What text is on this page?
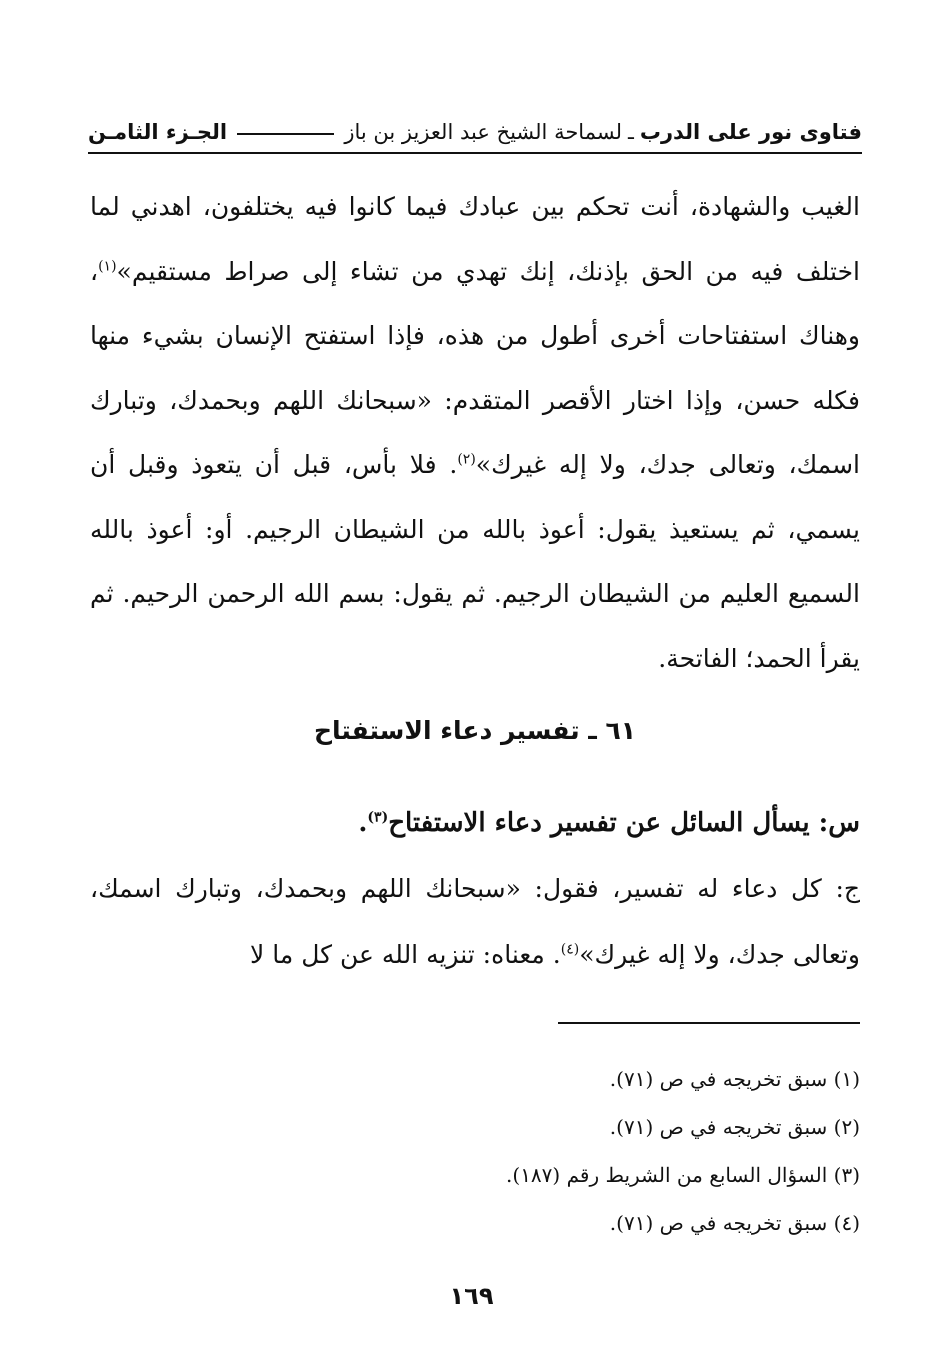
فتاوى نور على الدرب
ـ
لسماحة الشيخ عبد العزيز بن باز
الجـزء الثامـن

الغيب والشهادة، أنت تحكم بين عبادك فيما كانوا فيه يختلفون، اهدني لما اختلف فيه من الحق بإذنك، إنك تهدي من تشاء إلى صراط مستقيم»$^{(١)}$، وهناك استفتاحات أخرى أطول من هذه، فإذا استفتح الإنسان بشيء منها فكله حسن، وإذا اختار الأقصر المتقدم: «سبحانك اللهم وبحمدك، وتبارك اسمك، وتعالى جدك، ولا إله غيرك»$^{(٢)}$. فلا بأس، قبل أن يتعوذ وقبل أن يسمي، ثم يستعيذ يقول: أعوذ بالله من الشيطان الرجيم. أو: أعوذ بالله السميع العليم من الشيطان الرجيم. ثم يقول: بسم الله الرحمن الرحيم. ثم يقرأ الحمد؛ الفاتحة.

٦١ ـ تفسير دعاء الاستفتاح

س: يسأل السائل عن تفسير دعاء الاستفتاح$^{(٣)}$.

ج: كل دعاء له تفسير، فقول: «سبحانك اللهم وبحمدك، وتبارك اسمك، وتعالى جدك، ولا إله غيرك»$^{(٤)}$. معناه: تنزيه الله عن كل ما لا

(١) سبق تخريجه في ص (٧١).
(٢) سبق تخريجه في ص (٧١).
(٣) السؤال السابع من الشريط رقم (١٨٧).
(٤) سبق تخريجه في ص (٧١).
١٦٩
